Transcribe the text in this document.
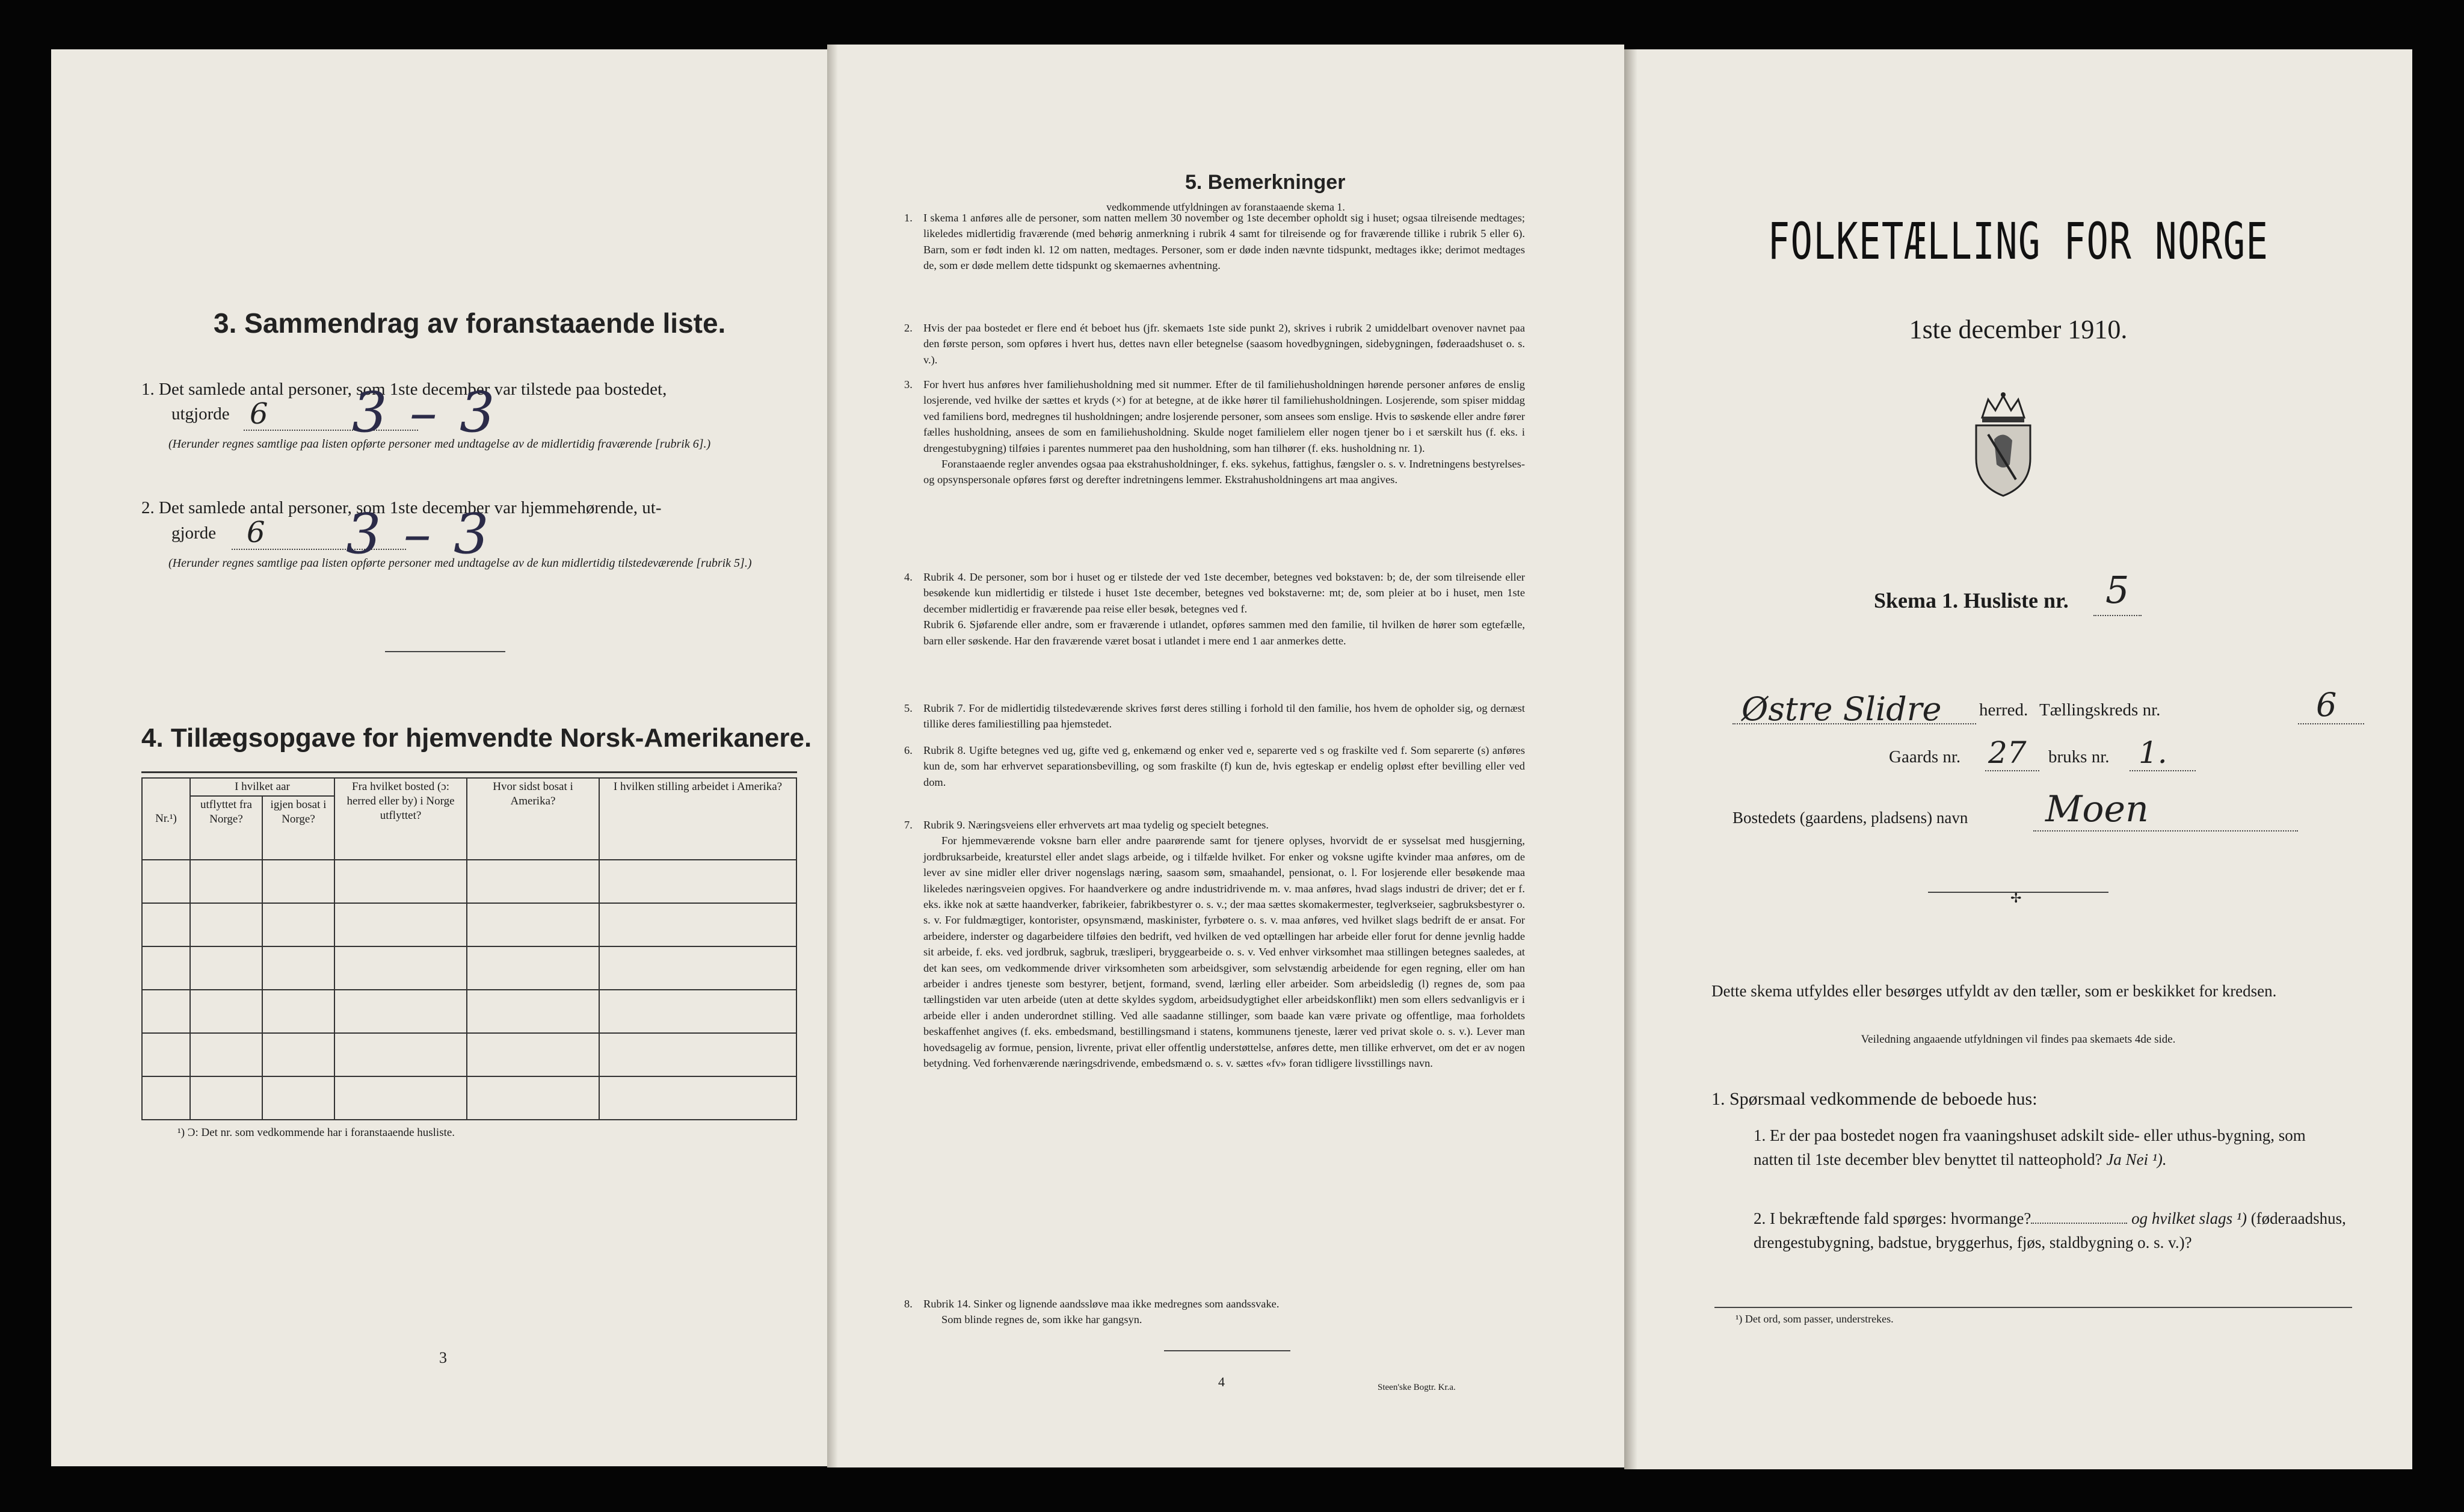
3. Sammendrag av foranstaaende liste.
1. Det samlede antal personer, som 1ste december var tilstede paa bostedet,
utgjorde 6 3 – 3
(Herunder regnes samtlige paa listen opførte personer med undtagelse av de midlertidig fraværende [rubrik 6].)
2. Det samlede antal personer, som 1ste december var hjemmehørende, ut-
gjorde 6 3 – 3
(Herunder regnes samtlige paa listen opførte personer med undtagelse av de kun midlertidig tilstedeværende [rubrik 5].)
4. Tillægsopgave for hjemvendte Norsk-Amerikanere.
Nr.¹)	I hvilket aar		Fra hvilket bosted (ɔ: herred eller by) i Norge utflyttet?	Hvor sidst bosat i Amerika?	I hvilken stilling arbeidet i Amerika?
	utflyttet fra Norge?	igjen bosat i Norge?			

¹) Ɔ: Det nr. som vedkommende har i foranstaaende husliste.
3
5. Bemerkninger
vedkommende utfyldningen av foranstaaende skema 1.
1. I skema 1 anføres alle de personer, som natten mellem 30 november og 1ste december opholdt sig i huset; ogsaa tilreisende medtages; likeledes midlertidig fraværende (med behørig anmerkning i rubrik 4 samt for tilreisende og for fraværende tillike i rubrik 5 eller 6). Barn, som er født inden kl. 12 om natten, medtages. Personer, som er døde inden nævnte tidspunkt, medtages ikke; derimot medtages de, som er døde mellem dette tidspunkt og skemaernes avhentning.

2. Hvis der paa bostedet er flere end ét beboet hus (jfr. skemaets 1ste side punkt 2), skrives i rubrik 2 umiddelbart ovenover navnet paa den første person, som opføres i hvert hus, dettes navn eller betegnelse (saasom hovedbygningen, sidebygningen, føderaadshuset o. s. v.).

3. For hvert hus anføres hver familiehusholdning med sit nummer. Efter de til familiehusholdningen hørende personer anføres de enslig losjerende, ved hvilke der sættes et kryds (×) for at betegne, at de ikke hører til familiehusholdningen. Losjerende, som spiser middag ved familiens bord, medregnes til husholdningen; andre losjerende personer, som ansees som enslige. Hvis to søskende eller andre fører fælles husholdning, ansees de som en familiehusholdning. Skulde noget familielem eller nogen tjener bo i et særskilt hus (f. eks. i drengestubygning) tilføies i parentes nummeret paa den husholdning, som han tilhører (f. eks. husholdning nr. 1).

Foranstaaende regler anvendes ogsaa paa ekstrahusholdninger, f. eks. sykehus, fattighus, fængsler o. s. v. Indretningens bestyrelses- og opsynspersonale opføres først og derefter indretningens lemmer. Ekstrahusholdningens art maa angives.

4. Rubrik 4. De personer, som bor i huset og er tilstede der ved 1ste december, betegnes ved bokstaven: b; de, der som tilreisende eller besøkende kun midlertidig er tilstede i huset 1ste december, betegnes ved bokstaverne: mt; de, som pleier at bo i huset, men 1ste december midlertidig er fraværende paa reise eller besøk, betegnes ved f.

Rubrik 6. Sjøfarende eller andre, som er fraværende i utlandet, opføres sammen med den familie, til hvilken de hører som egtefælle, barn eller søskende. Har den fraværende været bosat i utlandet i mere end 1 aar anmerkes dette.

5. Rubrik 7. For de midlertidig tilstedeværende skrives først deres stilling i forhold til den familie, hos hvem de opholder sig, og dernæst tillike deres familiestilling paa hjemstedet.

6. Rubrik 8. Ugifte betegnes ved ug, gifte ved g, enkemænd og enker ved e, separerte ved s og fraskilte ved f. Som separerte (s) anføres kun de, som har erhvervet separationsbevilling, og som fraskilte (f) kun de, hvis egteskap er endelig opløst efter bevilling eller ved dom.

7. Rubrik 9. Næringsveiens eller erhvervets art maa tydelig og specielt betegnes.

For hjemmeværende voksne barn eller andre paarørende samt for tjenere oplyses, hvorvidt de er sysselsat med husgjerning, jordbruksarbeide, kreaturstel eller andet slags arbeide, og i tilfælde hvilket. For enker og voksne ugifte kvinder maa anføres, om de lever av sine midler eller driver nogenslags næring, saasom søm, smaahandel, pensionat, o. l. For losjerende eller besøkende maa likeledes næringsveien opgives. For haandverkere og andre industridrivende m. v. maa anføres, hvad slags industri de driver; det er f. eks. ikke nok at sætte haandverker, fabrikeier, fabrikbestyrer o. s. v.; der maa sættes skomakermester, teglverkseier, sagbruksbestyrer o. s. v. For fuldmægtiger, kontorister, opsynsmænd, maskinister, fyrbøtere o. s. v. maa anføres, ved hvilket slags bedrift de er ansat. For arbeidere, inderster og dagarbeidere tilføies den bedrift, ved hvilken de ved optællingen har arbeide eller forut for denne jevnlig hadde sit arbeide, f. eks. ved jordbruk, sagbruk, træsliperi, bryggearbeide o. s. v. Ved enhver virksomhet maa stillingen betegnes saaledes, at det kan sees, om vedkommende driver virksomheten som arbeidsgiver, som selvstændig arbeidende for egen regning, eller om han arbeider i andres tjeneste som bestyrer, betjent, formand, svend, lærling eller arbeider. Som arbeidsledig (l) regnes de, som paa tællingstiden var uten arbeide (uten at dette skyldes sygdom, arbeidsudygtighet eller arbeidskonflikt) men som ellers sedvanligvis er i arbeide eller i anden underordnet stilling. Ved alle saadanne stillinger, som baade kan være private og offentlige, maa forholdets beskaffenhet angives (f. eks. embedsmand, bestillingsmand i statens, kommunens tjeneste, lærer ved privat skole o. s. v.). Lever man hovedsagelig av formue, pension, livrente, privat eller offentlig understøttelse, anføres dette, men tillike erhvervet, om det er av nogen betydning. Ved forhenværende næringsdrivende, embedsmænd o. s. v. sættes «fv» foran tidligere livsstillings navn.

8. Rubrik 14. Sinker og lignende aandssløve maa ikke medregnes som aandssvake.

Som blinde regnes de, som ikke har gangsyn.

4	Steen'ske Bogtr. Kr.a.
FOLKETÆLLING FOR NORGE
1ste december 1910.
Skema 1. Husliste nr. 5
Østre Slidre herred. Tællingskreds nr.	6
Gaards nr. 27 bruks nr. 1.
Bostedets (gaardens, pladsens) navn Moen
✢
Dette skema utfyldes eller besørges utfyldt av den tæller, som er beskikket for kredsen.
Veiledning angaaende utfyldningen vil findes paa skemaets 4de side.
1. Spørsmaal vedkommende de beboede hus:
1. Er der paa bostedet nogen fra vaaningshuset adskilt side- eller uthus-bygning, som natten til 1ste december blev benyttet til natteophold? Ja Nei ¹).
2. I bekræftende fald spørges: hvormange?	og hvilket slags ¹) (føderaadshus, drengestubygning, badstue, bryggerhus, fjøs, staldbygning o. s. v.)?
¹) Det ord, som passer, understrekes.
